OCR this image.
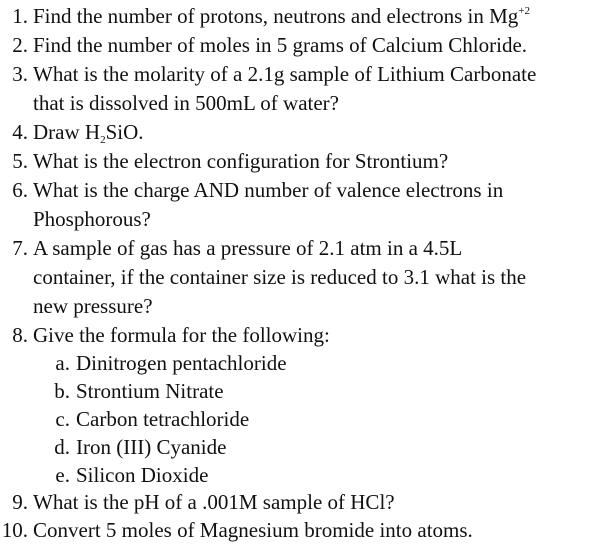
1. Find the number of protons, neutrons and electrons in $Mg^{+2}$
2. Find the number of moles in 5 grams of Calcium Chloride.
3. What is the molarity of a 2.1g sample of Lithium Carbonate
that is dissolved in 500mL of water?
4. Draw $H_2SiO$.
5. What is the electron configuration for Strontium?
6. What is the charge AND number of valence electrons in
Phosphorous?
7. A sample of gas has a pressure of 2.1 atm in a 4.5L
container, if the container size is reduced to 3.1 what is the
new pressure?
8. Give the formula for the following:
a. Dinitrogen pentachloride
b. Strontium Nitrate
c. Carbon tetrachloride
d. Iron (III) Cyanide
e. Silicon Dioxide
9. What is the pH of a .001M sample of HCl?
10. Convert 5 moles of Magnesium bromide into atoms.
